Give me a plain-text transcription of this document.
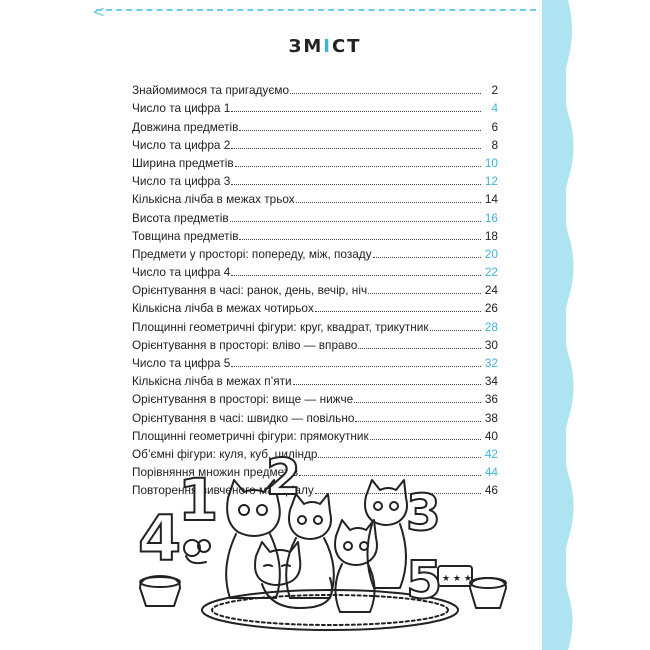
<
ЗМІСТ
Знайомимося та пригадуємо	2
Число та цифра 1	4
Довжина предметів	6
Число та цифра 2	8
Ширина предметів	10
Число та цифра 3	12
Кількісна лічба в межах трьох	14
Висота предметів	16
Товщина предметів	18
Предмети у просторі: попереду, між, позаду	20
Число та цифра 4	22
Орієнтування в часі: ранок, день, вечір, ніч	24
Кількісна лічба в межах чотирьох	26
Площинні геометричні фігури: круг, квадрат, трикутник	28
Орієнтування в просторі: вліво — вправо	30
Число та цифра 5	32
Кількісна лічба в межах п’яти	34
Орієнтування в просторі: вище — нижче	36
Орієнтування в часі: швидко — повільно	38
Площинні геометричні фігури: прямокутник	40
Об’ємні фігури: куля, куб, циліндр	42
Порівняння множин предметів	44
Повторення вивченого матеріалу	46
4
1 2
3
5 ★ ★ ★
